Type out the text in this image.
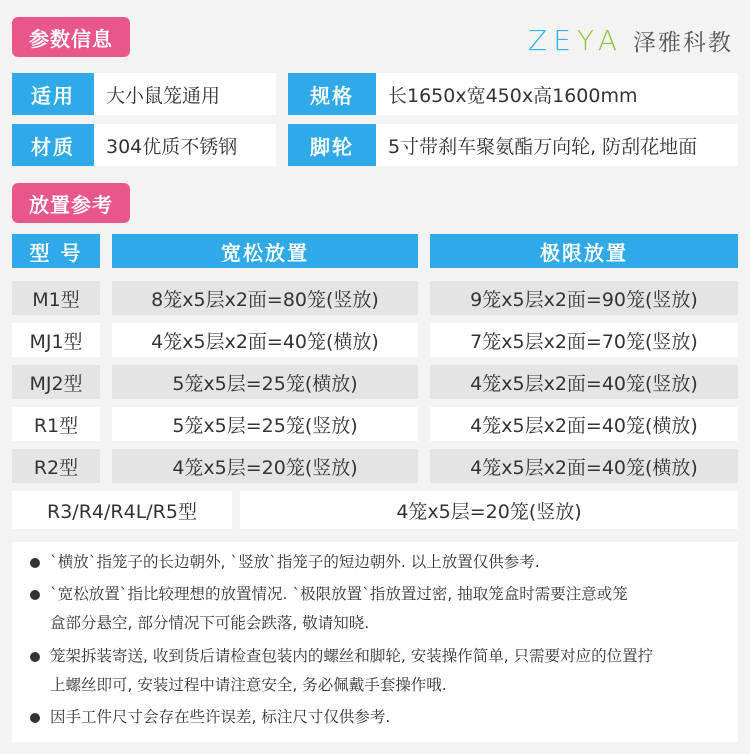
参数信息	ZEYA 泽雅科教
适用	大小鼠笼通用	规格	长1650x宽450x高1600mm
材质	304优质不锈钢	脚轮	5寸带刹车聚氨酯万向轮, 防刮花地面
放置参考
型 号	宽松放置	极限放置
M1型	8笼x5层x2面=80笼(竖放)	9笼x5层x2面=90笼(竖放)
MJ1型	4笼x5层x2面=40笼(横放)	7笼x5层x2面=70笼(竖放)
MJ2型	5笼x5层=25笼(横放)	4笼x5层x2面=40笼(竖放)
R1型	5笼x5层=25笼(竖放)	4笼x5层x2面=40笼(横放)
R2型	4笼x5层=20笼(竖放)	4笼x5层x2面=40笼(横放)
R3/R4/R4L/R5型	4笼x5层=20笼(竖放)
`横放`指笼子的长边朝外, `竖放`指笼子的短边朝外. 以上放置仅供参考.
`宽松放置`指比较理想的放置情况. `极限放置`指放置过密, 抽取笼盒时需要注意或笼
盒部分悬空, 部分情况下可能会跌落, 敬请知晓.
笼架拆装寄送, 收到货后请检查包装内的螺丝和脚轮, 安装操作简单, 只需要对应的位置拧
上螺丝即可, 安装过程中请注意安全, 务必佩戴手套操作哦.
因手工件尺寸会存在些许误差, 标注尺寸仅供参考.
